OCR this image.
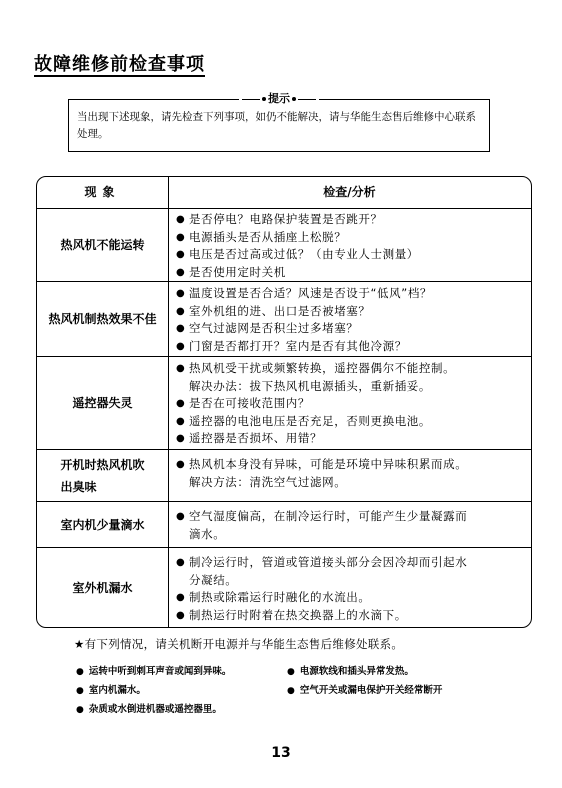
故障维修前检查事项
提示
当出现下述现象，请先检查下列事项，如仍不能解决，请与华能生态售后维修中心联系处理。
现象	检查/分析
热风机不能运转
● 是否停电？电路保护装置是否跳开？
● 电源插头是否从插座上松脱？
● 电压是否过高或过低？（由专业人士测量）
● 是否使用定时关机
热风机制热效果不佳
● 温度设置是否合适？风速是否设于“低风”档？
● 室外机组的进、出口是否被堵塞？
● 空气过滤网是否积尘过多堵塞？
● 门窗是否都打开？室内是否有其他冷源？
遥控器失灵
● 热风机受干扰或频繁转换，遥控器偶尔不能控制。
解决办法：拔下热风机电源插头，重新插妥。
● 是否在可接收范围内？
● 遥控器的电池电压是否充足，否则更换电池。
● 遥控器是否损坏、用错？
开机时热风机吹
出臭味
● 热风机本身没有异味，可能是环境中异味积累而成。
解决方法：清洗空气过滤网。
室内机少量滴水
● 空气湿度偏高，在制冷运行时，可能产生少量凝露而
滴水。
室外机漏水
● 制冷运行时，管道或管道接头部分会因冷却而引起水
分凝结。
● 制热或除霜运行时融化的水流出。
● 制热运行时附着在热交换器上的水滴下。
★有下列情况，请关机断开电源并与华能生态售后维修处联系。
● 运转中听到刺耳声音或闻到异味。	● 电源软线和插头异常发热。
● 室内机漏水。	● 空气开关或漏电保护开关经常断开
● 杂质或水倒进机器或遥控器里。
13
